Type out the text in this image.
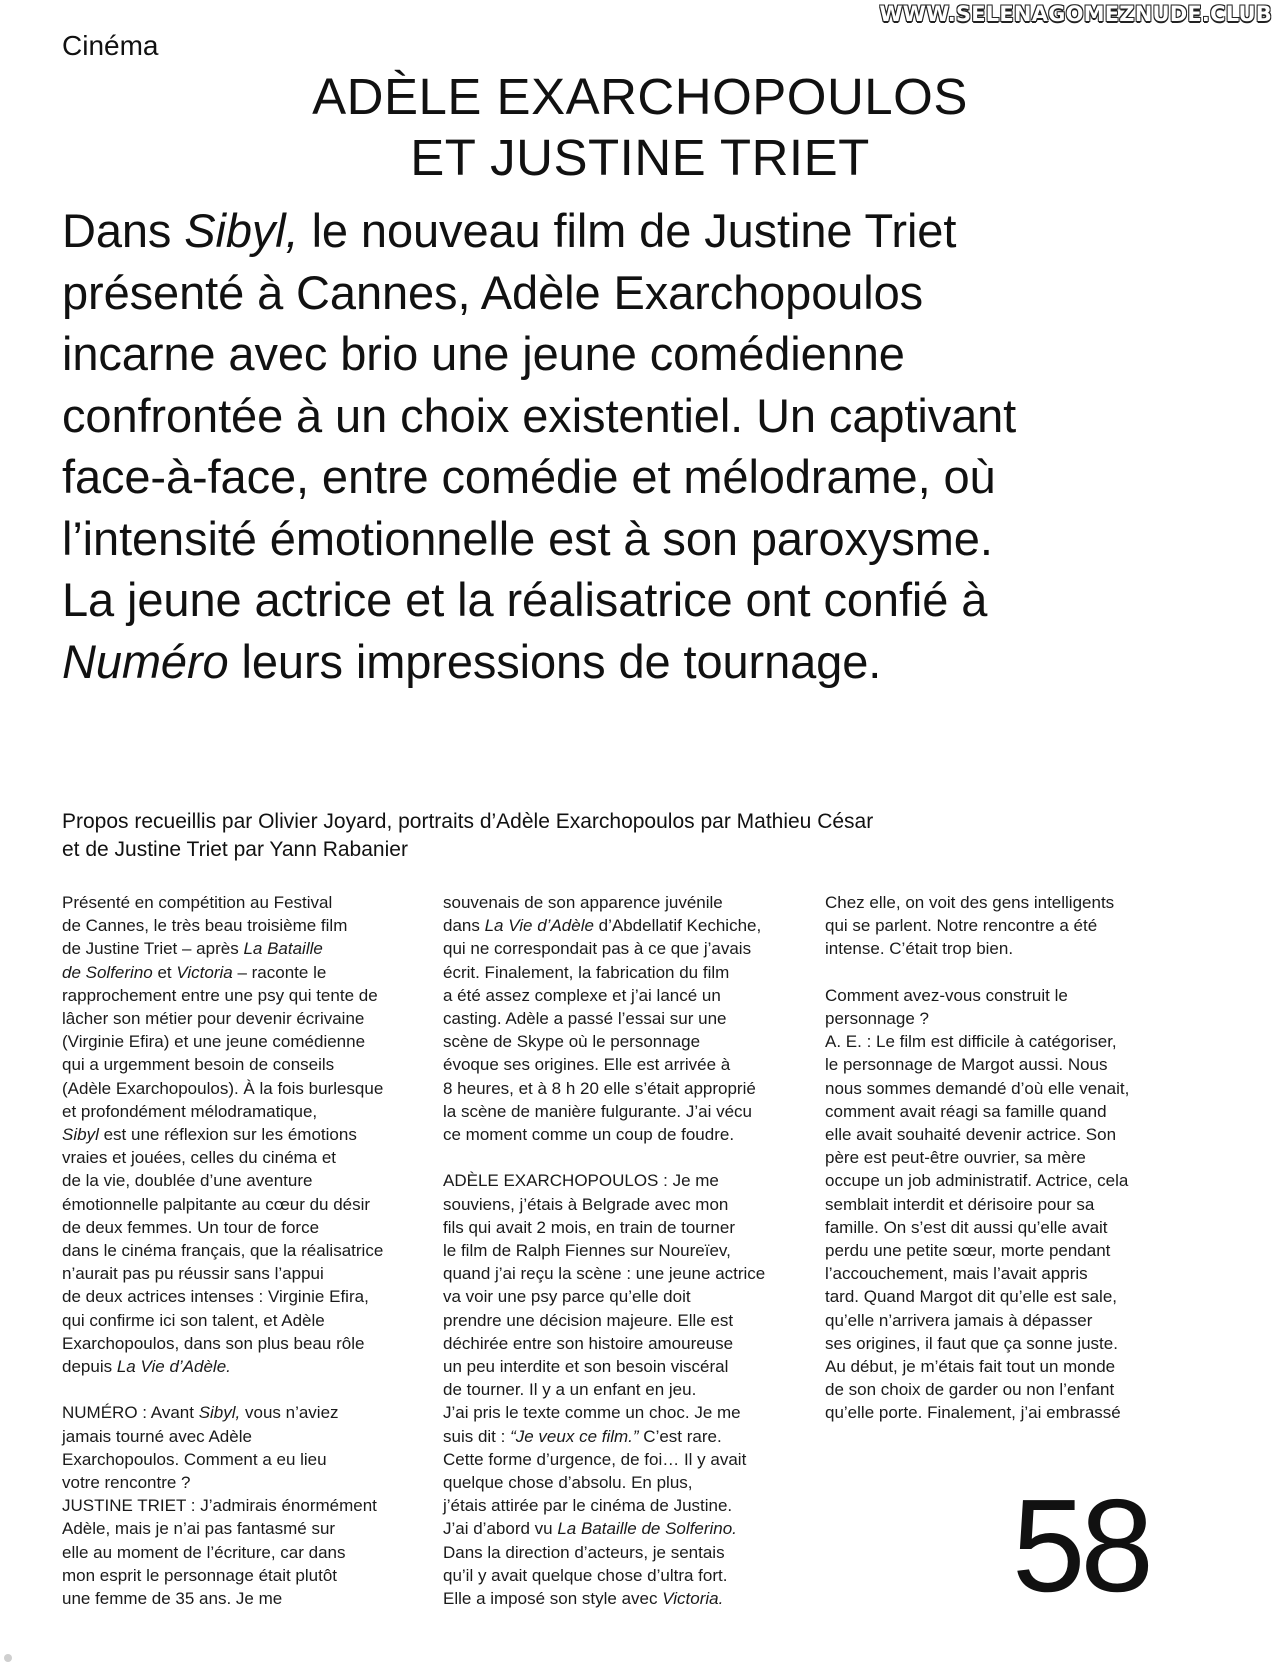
WWW.SELENAGOMEZNUDE.CLUB
Cinéma
ADÈLE EXARCHOPOULOS
ET JUSTINE TRIET
Dans Sibyl, le nouveau film de Justine Triet
présenté à Cannes, Adèle Exarchopoulos
incarne avec brio une jeune comédienne
confrontée à un choix existentiel. Un captivant
face-à-face, entre comédie et mélodrame, où
l’intensité émotionnelle est à son paroxysme.
La jeune actrice et la réalisatrice ont confié à
Numéro leurs impressions de tournage.
Propos recueillis par Olivier Joyard, portraits d’Adèle Exarchopoulos par Mathieu César
et de Justine Triet par Yann Rabanier
Présenté en compétition au Festival
de Cannes, le très beau troisième film
de Justine Triet – après La Bataille
de Solferino et Victoria – raconte le
rapprochement entre une psy qui tente de
lâcher son métier pour devenir écrivaine
(Virginie Efira) et une jeune comédienne
qui a urgemment besoin de conseils
(Adèle Exarchopoulos). À la fois burlesque
et profondément mélodramatique,
Sibyl est une réflexion sur les émotions
vraies et jouées, celles du cinéma et
de la vie, doublée d’une aventure
émotionnelle palpitante au cœur du désir
de deux femmes. Un tour de force
dans le cinéma français, que la réalisatrice
n’aurait pas pu réussir sans l’appui
de deux actrices intenses : Virginie Efira,
qui confirme ici son talent, et Adèle
Exarchopoulos, dans son plus beau rôle
depuis La Vie d’Adèle.
NUMÉRO : Avant Sibyl, vous n’aviez
jamais tourné avec Adèle
Exarchopoulos. Comment a eu lieu
votre rencontre ?
JUSTINE TRIET : J’admirais énormément
Adèle, mais je n’ai pas fantasmé sur
elle au moment de l’écriture, car dans
mon esprit le personnage était plutôt
une femme de 35 ans. Je me
souvenais de son apparence juvénile
dans La Vie d’Adèle d’Abdellatif Kechiche,
qui ne correspondait pas à ce que j’avais
écrit. Finalement, la fabrication du film
a été assez complexe et j’ai lancé un
casting. Adèle a passé l’essai sur une
scène de Skype où le personnage
évoque ses origines. Elle est arrivée à
8 heures, et à 8 h 20 elle s’était approprié
la scène de manière fulgurante. J’ai vécu
ce moment comme un coup de foudre.
ADÈLE EXARCHOPOULOS : Je me
souviens, j’étais à Belgrade avec mon
fils qui avait 2 mois, en train de tourner
le film de Ralph Fiennes sur Noureïev,
quand j’ai reçu la scène : une jeune actrice
va voir une psy parce qu’elle doit
prendre une décision majeure. Elle est
déchirée entre son histoire amoureuse
un peu interdite et son besoin viscéral
de tourner. Il y a un enfant en jeu.
J’ai pris le texte comme un choc. Je me
suis dit : “Je veux ce film.” C’est rare.
Cette forme d’urgence, de foi… Il y avait
quelque chose d’absolu. En plus,
j’étais attirée par le cinéma de Justine.
J’ai d’abord vu La Bataille de Solferino.
Dans la direction d’acteurs, je sentais
qu’il y avait quelque chose d’ultra fort.
Elle a imposé son style avec Victoria.
Chez elle, on voit des gens intelligents
qui se parlent. Notre rencontre a été
intense. C’était trop bien.
Comment avez-vous construit le
personnage ?
A. E. : Le film est difficile à catégoriser,
le personnage de Margot aussi. Nous
nous sommes demandé d’où elle venait,
comment avait réagi sa famille quand
elle avait souhaité devenir actrice. Son
père est peut-être ouvrier, sa mère
occupe un job administratif. Actrice, cela
semblait interdit et dérisoire pour sa
famille. On s’est dit aussi qu’elle avait
perdu une petite sœur, morte pendant
l’accouchement, mais l’avait appris
tard. Quand Margot dit qu’elle est sale,
qu’elle n’arrivera jamais à dépasser
ses origines, il faut que ça sonne juste.
Au début, je m’étais fait tout un monde
de son choix de garder ou non l’enfant
qu’elle porte. Finalement, j’ai embrassé
58
